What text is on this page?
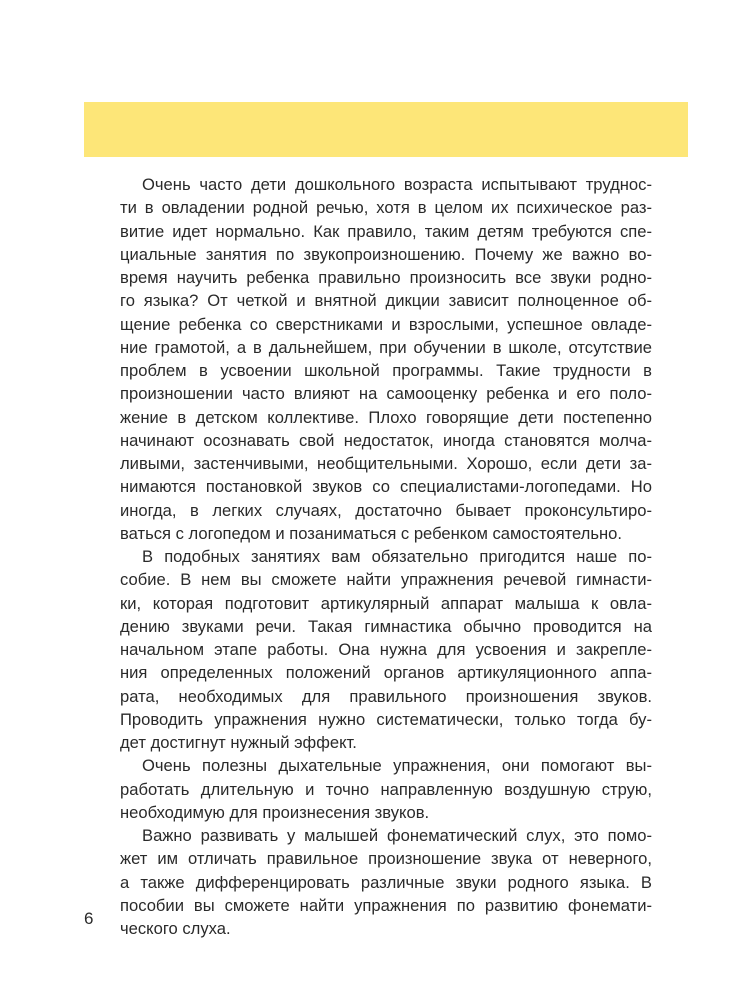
Очень часто дети дошкольного возраста испытывают труднос-
ти в овладении родной речью, хотя в целом их психическое раз-
витие идет нормально. Как правило, таким детям требуются спе-
циальные занятия по звукопроизношению. Почему же важно во-
время научить ребенка правильно произносить все звуки родно-
го языка? От четкой и внятной дикции зависит полноценное об-
щение ребенка со сверстниками и взрослыми, успешное овладе-
ние грамотой, а в дальнейшем, при обучении в школе, отсутствие
проблем в усвоении школьной программы. Такие трудности в
произношении часто влияют на самооценку ребенка и его поло-
жение в детском коллективе. Плохо говорящие дети постепенно
начинают осознавать свой недостаток, иногда становятся молча-
ливыми, застенчивыми, необщительными. Хорошо, если дети за-
нимаются постановкой звуков со специалистами-логопедами. Но
иногда, в легких случаях, достаточно бывает проконсультиро-
ваться с логопедом и позаниматься с ребенком самостоятельно.
В подобных занятиях вам обязательно пригодится наше по-
собие. В нем вы сможете найти упражнения речевой гимнасти-
ки, которая подготовит артикулярный аппарат малыша к овла-
дению звуками речи. Такая гимнастика обычно проводится на
начальном этапе работы. Она нужна для усвоения и закрепле-
ния определенных положений органов артикуляционного аппа-
рата, необходимых для правильного произношения звуков.
Проводить упражнения нужно систематически, только тогда бу-
дет достигнут нужный эффект.
Очень полезны дыхательные упражнения, они помогают вы-
работать длительную и точно направленную воздушную струю,
необходимую для произнесения звуков.
Важно развивать у малышей фонематический слух, это помо-
жет им отличать правильное произношение звука от неверного,
а также дифференцировать различные звуки родного языка. В
пособии вы сможете найти упражнения по развитию фонемати-
ческого слуха.
6
